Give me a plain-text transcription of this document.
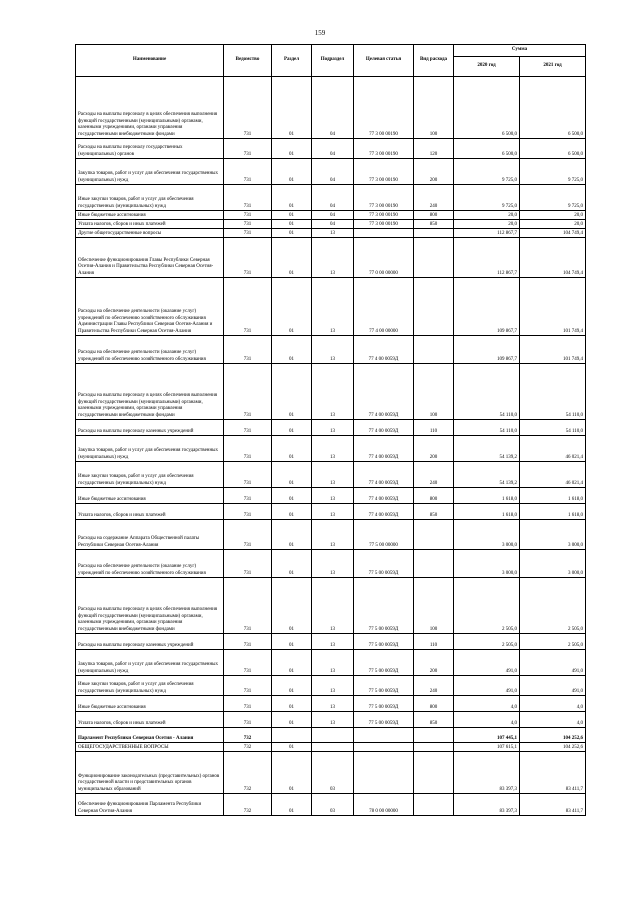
159
Наименование	Ведомство	Раздел	Подраздел	Целевая статья	Вид расхода	Сумма	
						2020 год	2021 год
Расходы на выплаты персоналу в целях обеспечения выполнения функций государственными (муниципальными) органами, казенными учреждениями, органами управления государственными внебюджетными фондами	731	01	04	77 3 00 00190	100	6 500,0	6 500,0
Расходы на выплаты персоналу государственных (муниципальных) органов	731	01	04	77 3 00 00190	120	6 500,0	6 500,0
Закупка товаров, работ и услуг для обеспечения государственных (муниципальных) нужд	731	01	04	77 3 00 00190	200	9 725,0	9 725,0
Иные закупки товаров, работ и услуг для обеспечения государственных (муниципальных) нужд	731	01	04	77 3 00 00190	240	9 725,0	9 725,0
Иные бюджетные ассигнования	731	01	04	77 3 00 00190	800	20,0	20,0
Уплата налогов, сборов и иных платежей	731	01	04	77 3 00 00190	850	20,0	20,0
Другие общегосударственные вопросы	731	01	13			112 867,7	104 749,4
Обеспечение функционирования Главы Республики Северная Осетия-Алания и Правительства Республики Северная Осетия-Алания	731	01	13	77 0 00 00000		112 867,7	104 749,4
Расходы на обеспечение деятельности (оказание услуг) учреждений по обеспечению хозяйственного обслуживания Администрации Главы Республики Северная Осетия-Алания и Правительства Республики Северная Осетия-Алания	731	01	13	77 4 00 00000		109 867,7	101 749,4
Расходы на обеспечение деятельности (оказание услуг) учреждений по обеспечению хозяйственного обслуживания	731	01	13	77 4 00 0059Д		109 867,7	101 749,4
Расходы на выплаты персоналу в целях обеспечения выполнения функций государственными (муниципальными) органами, казенными учреждениями, органами управления государственными внебюджетными фондами	731	01	13	77 4 00 0059Д	100	54 110,0	54 110,0
Расходы на выплаты персоналу казенных учреждений	731	01	13	77 4 00 0059Д	110	54 110,0	54 110,0
Закупка товаров, работ и услуг для обеспечения государственных (муниципальных) нужд	731	01	13	77 4 00 0059Д	200	54 139,2	46 021,4
Иные закупки товаров, работ и услуг для обеспечения государственных (муниципальных) нужд	731	01	13	77 4 00 0059Д	240	54 139,2	46 021,4
Иные бюджетные ассигнования	731	01	13	77 4 00 0059Д	800	1 618,0	1 618,0
Уплата налогов, сборов и иных платежей	731	01	13	77 4 00 0059Д	850	1 618,0	1 618,0
Расходы на содержание Аппарата Общественной палаты Республики Северная Осетия-Алания	731	01	13	77 5 00 00000		3 000,0	3 000,0
Расходы на обеспечение деятельности (оказание услуг) учреждений по обеспечению хозяйственного обслуживания	731	01	13	77 5 00 0059Д		3 000,0	3 000,0
Расходы на выплаты персоналу в целях обеспечения выполнения функций государственными (муниципальными) органами, казенными учреждениями, органами управления государственными внебюджетными фондами	731	01	13	77 5 00 0059Д	100	2 505,0	2 505,0
Расходы на выплаты персоналу казенных учреждений	731	01	13	77 5 00 0059Д	110	2 505,0	2 505,0
Закупка товаров, работ и услуг для обеспечения государственных (муниципальных) нужд	731	01	13	77 5 00 0059Д	200	491,0	491,0
Иные закупки товаров, работ и услуг для обеспечения государственных (муниципальных) нужд	731	01	13	77 5 00 0059Д	240	491,0	491,0
Иные бюджетные ассигнования	731	01	13	77 5 00 0059Д	800	4,0	4,0
Уплата налогов, сборов и иных платежей	731	01	13	77 5 00 0059Д	850	4,0	4,0
Парламент Республики Северная Осетия - Алания	732					107 445,1	104 252,6
ОБЩЕГОСУДАРСТВЕННЫЕ ВОПРОСЫ	732	01				107 615,1	104 252,6
Функционирование законодательных (представительных) органов государственной власти и представительных органов муниципальных образований	732	01	03			83 397,3	83 411,7
Обеспечение функционирования Парламента Республики Северная Осетия-Алания	732	01	03	78 0 00 00000		83 397,3	83 411,7
